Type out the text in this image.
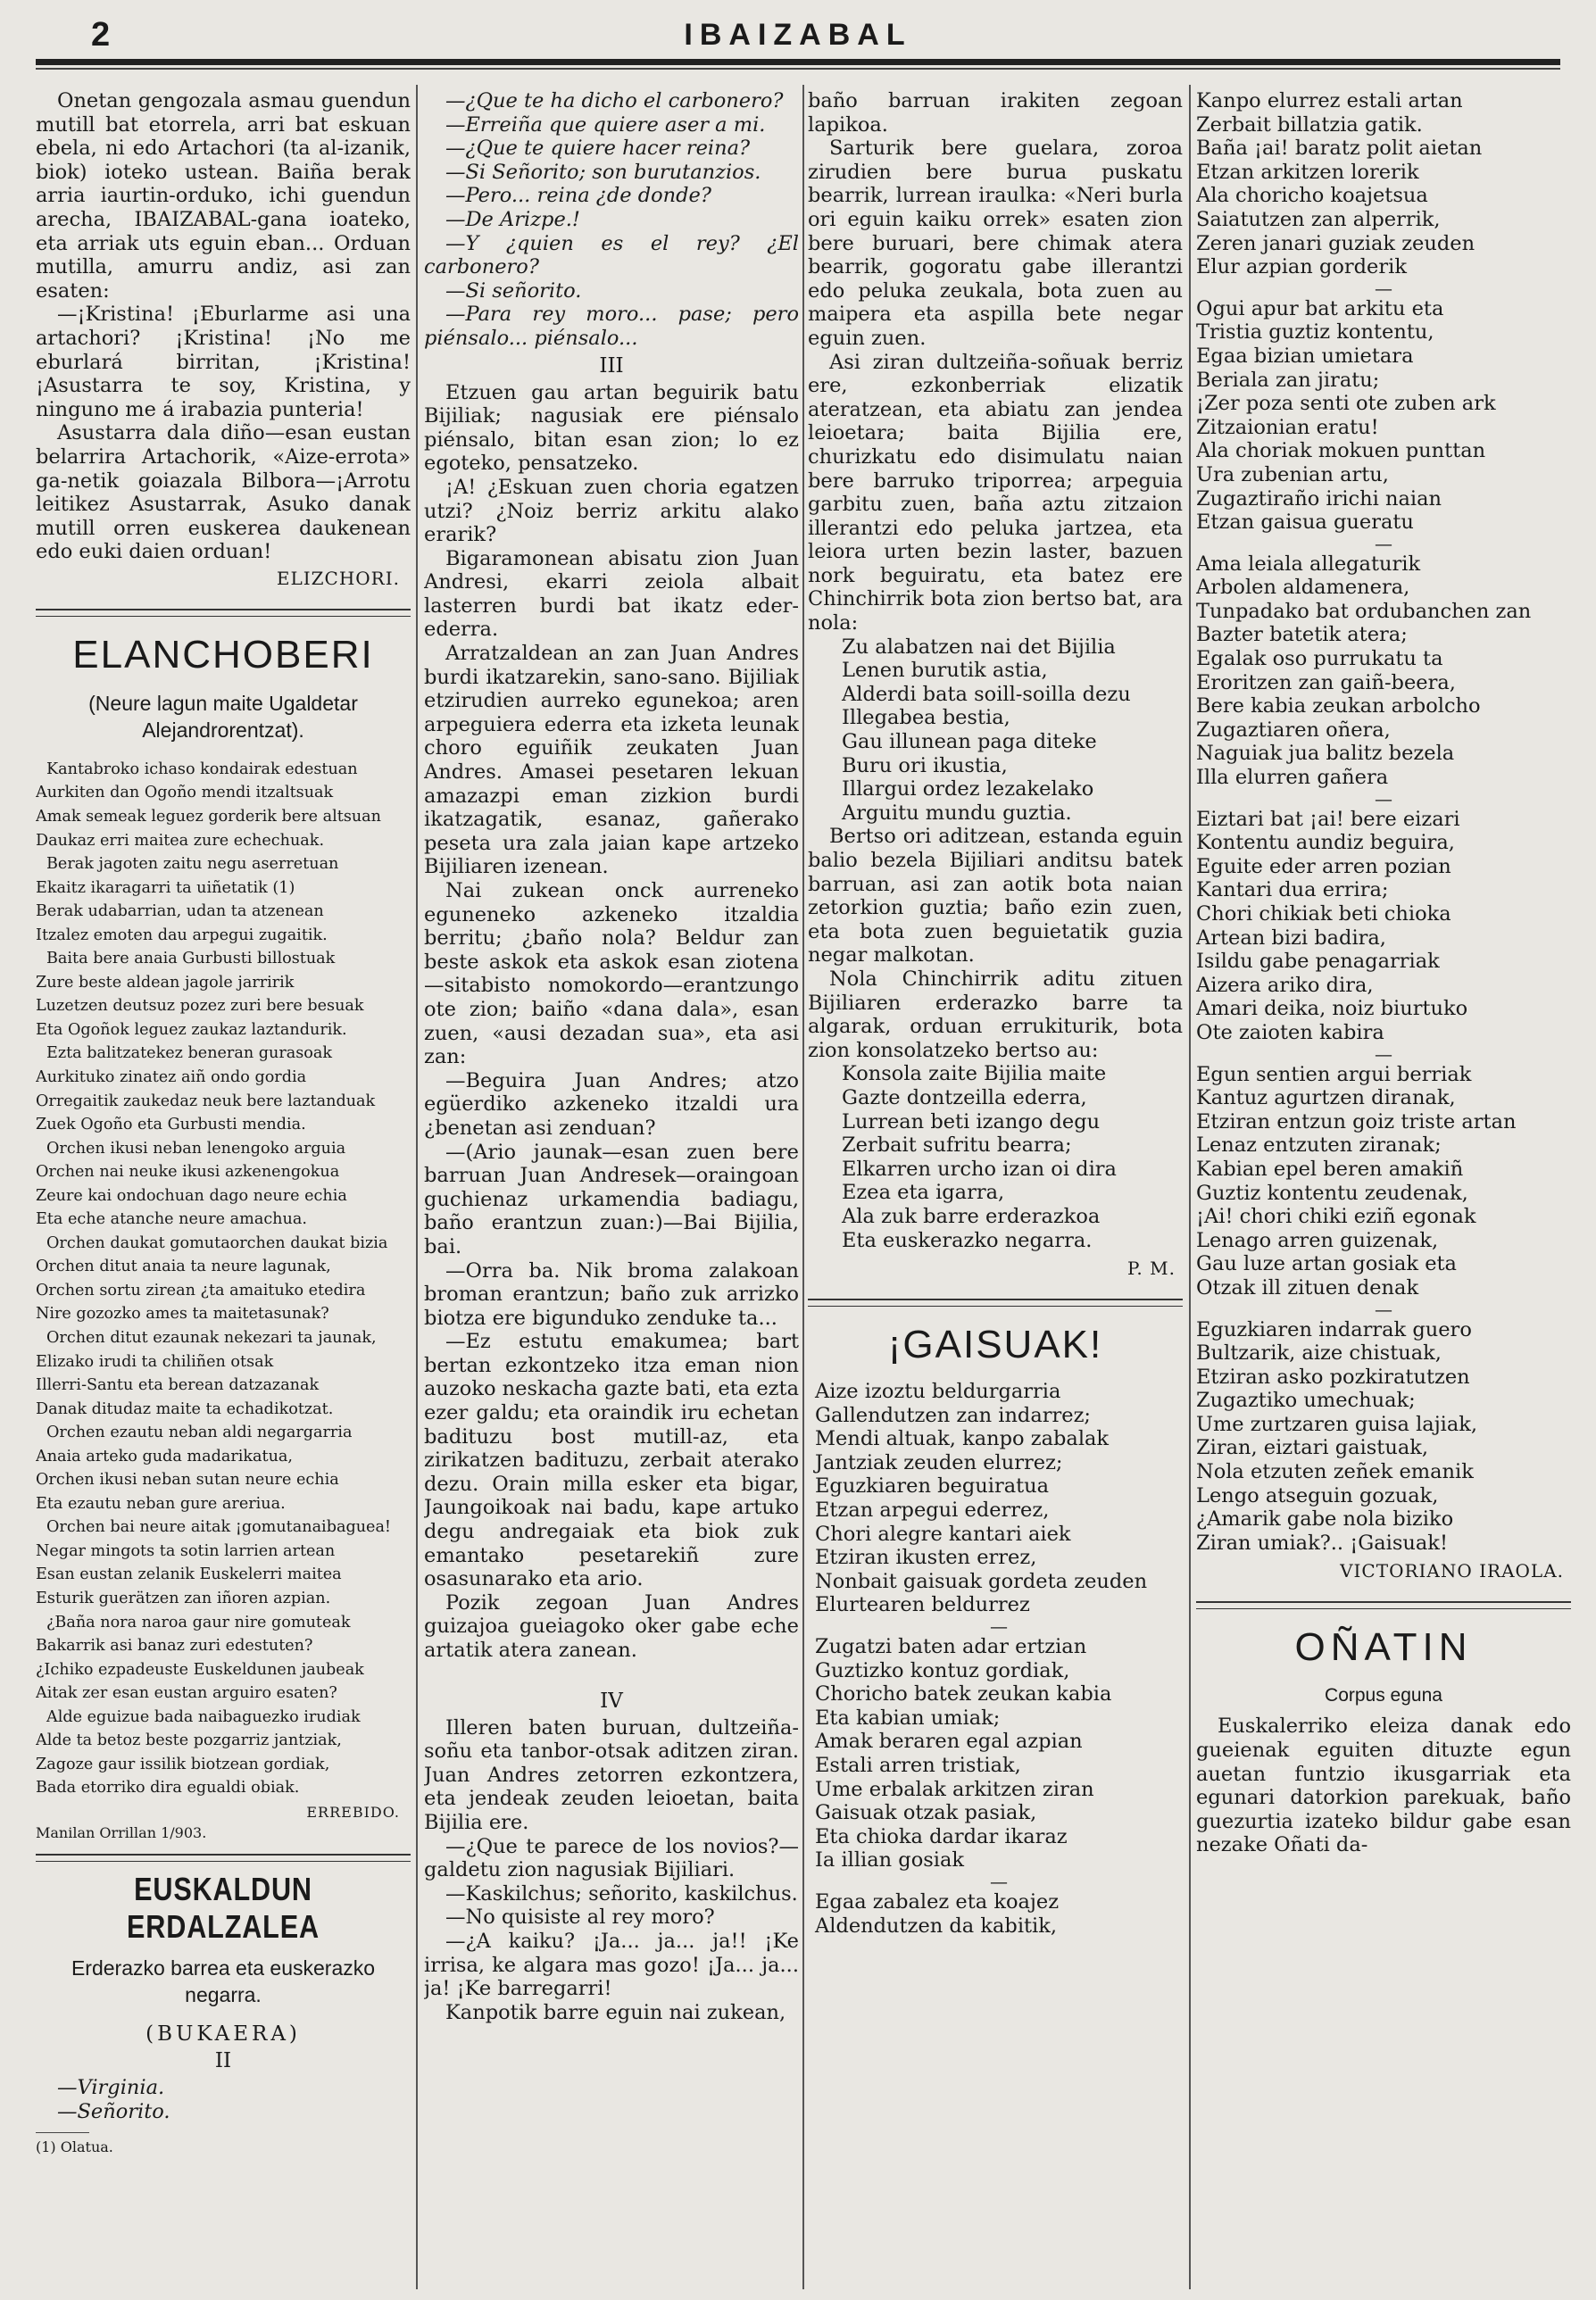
2	IBAIZABAL

Onetan gengozala asmau guendun mutill bat etorrela, arri bat eskuan ebela, ni edo Artachori (ta al-izanik, biok) ioteko ustean. Baiña berak arria iaurtin-orduko, ichi guendun arecha, IBAIZABAL-gana ioateko, eta arriak uts eguin eban... Orduan mutilla, amurru andiz, asi zan esaten:

—¡Kristina! ¡Eburlarme asi una artachori? ¡Kristina! ¡No me eburlará birritan, ¡Kristina! ¡Asustarra te soy, Kristina, y ninguno me á irabazia punteria!

Asustarra dala diño—esan eustan belarrira Artachorik, «Aize-errota» ga-netik goiazala Bilbora—¡Arrotu leitikez Asustarrak, Asuko danak mutill orren euskerea daukenean edo euki daien orduan!

ELIZCHORI.
ELANCHOBERI
(Neure lagun maite Ugaldetar Alejandrorentzat).

Kantabroko ichaso kondairak edestuan

Aurkiten dan Ogoño mendi itzaltsuak

Amak semeak leguez gorderik bere altsuan

Daukaz erri maitea zure echechuak.

Berak jagoten zaitu negu aserretuan

Ekaitz ikaragarri ta uiñetatik (1)

Berak udabarrian, udan ta atzenean

Itzalez emoten dau arpegui zugaitik.

Baita bere anaia Gurbusti billostuak

Zure beste aldean jagole jarririk

Luzetzen deutsuz pozez zuri bere besuak

Eta Ogoñok leguez zaukaz laztandurik.

Ezta balitzatekez beneran gurasoak

Aurkituko zinatez aiñ ondo gordia

Orregaitik zaukedaz neuk bere laztanduak

Zuek Ogoño eta Gurbusti mendia.

Orchen ikusi neban lenengoko arguia

Orchen nai neuke ikusi azkenengokua

Zeure kai ondochuan dago neure echia

Eta eche atanche neure amachua.

Orchen daukat gomutaorchen daukat bizia

Orchen ditut anaia ta neure lagunak,

Orchen sortu zirean ¿ta amaituko etedira

Nire gozozko ames ta maitetasunak?

Orchen ditut ezaunak nekezari ta jaunak,

Elizako irudi ta chiliñen otsak

Illerri-Santu eta berean datzazanak

Danak ditudaz maite ta echadikotzat.

Orchen ezautu neban aldi negargarria

Anaia arteko guda madarikatua,

Orchen ikusi neban sutan neure echia

Eta ezautu neban gure areriua.

Orchen bai neure aitak ¡gomutanaibaguea!

Negar mingots ta sotin larrien artean

Esan eustan zelanik Euskelerri maitea

Esturik guerätzen zan iñoren azpian.

¿Baña nora naroa gaur nire gomuteak

Bakarrik asi banaz zuri edestuten?

¿Ichiko ezpadeuste Euskeldunen jaubeak

Aitak zer esan eustan arguiro esaten?

Alde eguizue bada naibaguezko irudiak

Alde ta betoz beste pozgarriz jantziak,

Zagoze gaur issilik biotzean gordiak,

Bada etorriko dira egualdi obiak.

ERREBIDO.
Manilan Orrillan 1/903.
EUSKALDUN ERDALZALEA
Erderazko barrea eta euskerazko negarra.
(BUKAERA)
II

—Virginia.

—Señorito.

(1) Olatua.

—¿Que te ha dicho el carbonero?

—Erreiña que quiere aser a mi.

—¿Que te quiere hacer reina?

—Si Señorito; son burutanzios.

—Pero... reina ¿de donde?

—De Arizpe.!

—Y ¿quien es el rey? ¿El carbonero?

—Si señorito.

—Para rey moro... pase; pero piénsalo... piénsalo...

III

Etzuen gau artan beguirik batu Bijiliak; nagusiak ere piénsalo piénsalo, bitan esan zion; lo ez egoteko, pensatzeko.

¡A! ¿Eskuan zuen choria egatzen utzi? ¿Noiz berriz arkitu alako erarik?

Bigaramonean abisatu zion Juan Andresi, ekarri zeiola albait lasterren burdi bat ikatz eder-ederra.

Arratzaldean an zan Juan Andres burdi ikatzarekin, sano-sano. Bijiliak etzirudien aurreko egunekoa; aren arpeguiera ederra eta izketa leunak choro eguiñik zeukaten Juan Andres. Amasei pesetaren lekuan amazazpi eman zizkion burdi ikatzagatik, esanaz, gañerako peseta ura zala jaian kape artzeko Bijiliaren izenean.

Nai zukean onck aurreneko eguneneko azkeneko itzaldia berritu; ¿baño nola? Beldur zan beste askok eta askok esan ziotena—sitabisto nomokordo—erantzungo ote zion; baiño «dana dala», esan zuen, «ausi dezadan sua», eta asi zan:

—Beguira Juan Andres; atzo egüerdiko azkeneko itzaldi ura ¿benetan asi zenduan?

—(Ario jaunak—esan zuen bere barruan Juan Andresek—oraingoan guchienaz urkamendia badiagu, baño erantzun zuan:)—Bai Bijilia, bai.

—Orra ba. Nik broma zalakoan broman erantzun; baño zuk arrizko biotza ere bigunduko zenduke ta...

—Ez estutu emakumea; bart bertan ezkontzeko itza eman nion auzoko neskacha gazte bati, eta ezta ezer galdu; eta oraindik iru echetan badituzu bost mutill-az, eta zirikatzen badituzu, zerbait aterako dezu. Orain milla esker eta bigar, Jaungoikoak nai badu, kape artuko degu andregaiak eta biok zuk emantako pesetarekiñ zure osasunarako eta ario.

Pozik zegoan Juan Andres guizajoa gueiagoko oker gabe eche artatik atera zanean.

IV

Illeren baten buruan, dultzeiña-soñu eta tanbor-otsak aditzen ziran. Juan Andres zetorren ezkontzera, eta jendeak zeuden leioetan, baita Bijilia ere.

—¿Que te parece de los novios?—galdetu zion nagusiak Bijiliari.

—Kaskilchus; señorito, kaskilchus.

—No quisiste al rey moro?

—¿A kaiku? ¡Ja... ja... ja!! ¡Ke irrisa, ke algara mas gozo! ¡Ja... ja... ja! ¡Ke barregarri!

Kanpotik barre eguin nai zukean,

baño barruan irakiten zegoan lapikoa.

Sarturik bere guelara, zoroa zirudien bere burua puskatu bearrik, lurrean iraulka: «Neri burla ori eguin kaiku orrek» esaten zion bere buruari, bere chimak atera bearrik, gogoratu gabe illerantzi edo peluka zeukala, bota zuen au maipera eta aspilla bete negar eguin zuen.

Asi ziran dultzeiña-soñuak berriz ere, ezkonberriak elizatik ateratzean, eta abiatu zan jendea leioetara; baita Bijilia ere, churizkatu edo disimulatu naian bere barruko triporrea; arpeguia garbitu zuen, baña aztu zitzaion illerantzi edo peluka jartzea, eta leiora urten bezin laster, bazuen nork beguiratu, eta batez ere Chinchirrik bota zion bertso bat, ara nola:

Zu alabatzen nai det Bijilia

Lenen burutik astia,

Alderdi bata soill-soilla dezu

Illegabea bestia,

Gau illunean paga diteke

Buru ori ikustia,

Illargui ordez lezakelako

Arguitu mundu guztia.

Bertso ori aditzean, estanda eguin balio bezela Bijiliari anditsu batek barruan, asi zan aotik bota naian zetorkion guztia; baño ezin zuen, eta bota zuen beguietatik guzia negar malkotan.

Nola Chinchirrik aditu zituen Bijiliaren erderazko barre ta algarak, orduan errukiturik, bota zion konsolatzeko bertso au:

Konsola zaite Bijilia maite

Gazte dontzeilla ederra,

Lurrean beti izango degu

Zerbait sufritu bearra;

Elkarren urcho izan oi dira

Ezea eta igarra,

Ala zuk barre erderazkoa

Eta euskerazko negarra.

P. M.
¡GAISUAK!

Aize izoztu beldurgarria

Gallendutzen zan indarrez;

Mendi altuak, kanpo zabalak

Jantziak zeuden elurrez;

Eguzkiaren beguiratua

Etzan arpegui ederrez,

Chori alegre kantari aiek

Etziran ikusten errez,

Nonbait gaisuak gordeta zeuden

Elurtearen beldurrez

—

Zugatzi baten adar ertzian

Guztizko kontuz gordiak,

Choricho batek zeukan kabia

Eta kabian umiak;

Amak beraren egal azpian

Estali arren tristiak,

Ume erbalak arkitzen ziran

Gaisuak otzak pasiak,

Eta chioka dardar ikaraz

Ia illian gosiak

—

Egaa zabalez eta koajez

Aldendutzen da kabitik,

Kanpo elurrez estali artan

Zerbait billatzia gatik.

Baña ¡ai! baratz polit aietan

Etzan arkitzen lorerik

Ala choricho koajetsua

Saiatutzen zan alperrik,

Zeren janari guziak zeuden

Elur azpian gorderik

—

Ogui apur bat arkitu eta

Tristia guztiz kontentu,

Egaa bizian umietara

Beriala zan jiratu;

¡Zer poza senti ote zuben ark

Zitzaionian eratu!

Ala choriak mokuen punttan

Ura zubenian artu,

Zugaztiraño irichi naian

Etzan gaisua gueratu

—

Ama leiala allegaturik

Arbolen aldamenera,

Tunpadako bat ordubanchen zan

Bazter batetik atera;

Egalak oso purrukatu ta

Eroritzen zan gaiñ-beera,

Bere kabia zeukan arbolcho

Zugaztiaren oñera,

Naguiak jua balitz bezela

Illa elurren gañera

—

Eiztari bat ¡ai! bere eizari

Kontentu aundiz beguira,

Eguite eder arren pozian

Kantari dua errira;

Chori chikiak beti chioka

Artean bizi badira,

Isildu gabe penagarriak

Aizera ariko dira,

Amari deika, noiz biurtuko

Ote zaioten kabira

—

Egun sentien argui berriak

Kantuz agurtzen diranak,

Etziran entzun goiz triste artan

Lenaz entzuten ziranak;

Kabian epel beren amakiñ

Guztiz kontentu zeudenak,

¡Ai! chori chiki eziñ egonak

Lenago arren guizenak,

Gau luze artan gosiak eta

Otzak ill zituen denak

—

Eguzkiaren indarrak guero

Bultzarik, aize chistuak,

Etziran asko pozkiratutzen

Zugaztiko umechuak;

Ume zurtzaren guisa lajiak,

Ziran, eiztari gaistuak,

Nola etzuten zeñek emanik

Lengo atseguin gozuak,

¿Amarik gabe nola biziko

Ziran umiak?.. ¡Gaisuak!

VICTORIANO IRAOLA.
OÑATIN
Corpus eguna

Euskalerriko eleiza danak edo gueienak eguiten dituzte egun auetan funtzio ikusgarriak eta egunari datorkion parekuak, baño guezurtia izateko bildur gabe esan nezake Oñati da-
